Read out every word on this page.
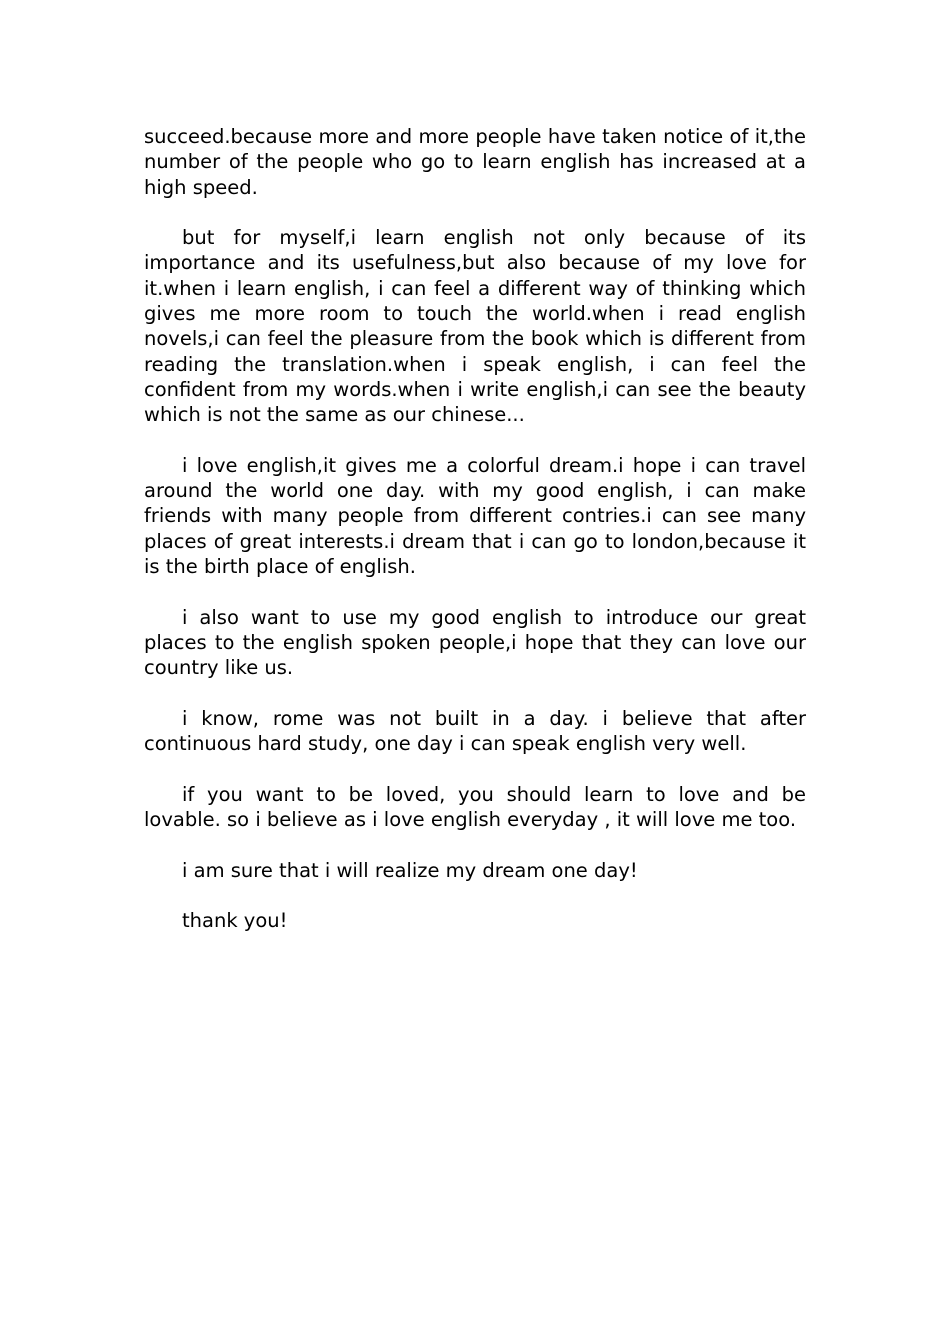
succeed.because more and more people have taken notice of it,the number of the people who go to learn english has increased at a high speed.

but for myself,i learn english not only because of its importance and its usefulness,but also because of my love for it.when i learn english, i can feel a different way of thinking which gives me more room to touch the world.when i read english novels,i can feel the pleasure from the book which is different from reading the translation.when i speak english, i can feel the confident from my words.when i write english,i can see the beauty which is not the same as our chinese...

i love english,it gives me a colorful dream.i hope i can travel around the world one day. with my good english, i can make friends with many people from different contries.i can see many places of great interests.i dream that i can go to london,because it is the birth place of english.

i also want to use my good english to introduce our great places to the english spoken people,i hope that they can love our country like us.

i know, rome was not built in a day. i believe that after continuous hard study, one day i can speak english very well.

if you want to be loved, you should learn to love and be lovable. so i believe as i love english everyday , it will love me too.

i am sure that i will realize my dream one day!

thank you!
